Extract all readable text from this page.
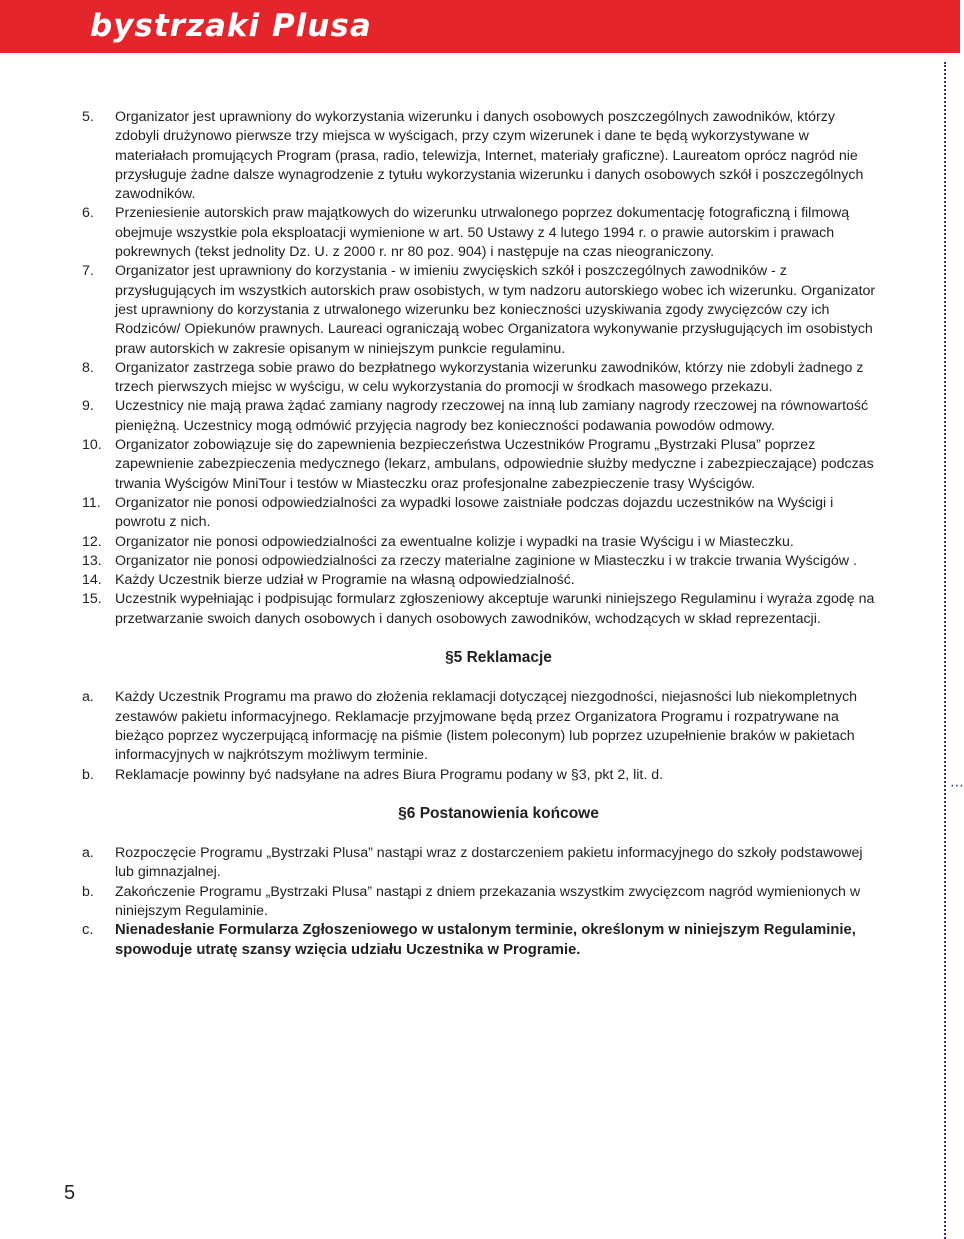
bystrzaki Plusa
⋯
5.	Organizator jest uprawniony do wykorzystania wizerunku i danych osobowych poszczególnych zawodników, którzy zdobyli drużynowo pierwsze trzy miejsca w wyścigach, przy czym wizerunek i dane te będą wykorzystywane w materiałach promujących Program (prasa, radio, telewizja, Internet, materiały graficzne). Laureatom oprócz nagród nie przysługuje żadne dalsze wynagrodzenie z tytułu wykorzystania wizerunku i danych osobowych szkół i poszczególnych zawodników.
6.	Przeniesienie autorskich praw majątkowych do wizerunku utrwalonego poprzez dokumentację fotograficzną i filmową obejmuje wszystkie pola eksploatacji wymienione w art. 50 Ustawy z 4 lutego 1994 r. o prawie autorskim i prawach pokrewnych (tekst jednolity Dz. U. z 2000 r. nr 80 poz. 904) i następuje na czas nieograniczony.
7.	Organizator jest uprawniony do korzystania - w imieniu zwycięskich szkół i poszczególnych zawodników - z przysługujących im wszystkich autorskich praw osobistych, w tym nadzoru autorskiego wobec ich wizerunku. Organizator jest uprawniony do korzystania z utrwalonego wizerunku bez konieczności uzyskiwania zgody zwycięzców czy ich Rodziców/ Opiekunów prawnych. Laureaci ograniczają wobec Organizatora wykonywanie przysługujących im osobistych praw autorskich w zakresie opisanym w niniejszym punkcie regulaminu.
8.	Organizator zastrzega sobie prawo do bezpłatnego wykorzystania wizerunku zawodników, którzy nie zdobyli żadnego z trzech pierwszych miejsc w wyścigu, w celu wykorzystania do promocji w środkach masowego przekazu.
9.	Uczestnicy nie mają prawa żądać zamiany nagrody rzeczowej na inną lub zamiany nagrody rzeczowej na równowartość pieniężną. Uczestnicy mogą odmówić przyjęcia nagrody bez konieczności podawania powodów odmowy.
10. Organizator zobowiązuje się do zapewnienia bezpieczeństwa Uczestników Programu „Bystrzaki Plusa” poprzez zapewnienie zabezpieczenia medycznego (lekarz, ambulans, odpowiednie służby medyczne i zabezpieczające) podczas trwania Wyścigów MiniTour i testów w Miasteczku oraz profesjonalne zabezpieczenie trasy Wyścigów.
11.	Organizator nie ponosi odpowiedzialności za wypadki losowe zaistniałe podczas dojazdu uczestników na Wyścigi i powrotu z nich.
12. Organizator nie ponosi odpowiedzialności za ewentualne kolizje i wypadki na trasie Wyścigu i w Miasteczku.
13. Organizator nie ponosi odpowiedzialności za rzeczy materialne zaginione w Miasteczku i w trakcie trwania Wyścigów .
14. Każdy Uczestnik bierze udział w Programie na własną odpowiedzialność.
15. Uczestnik wypełniając i podpisując formularz zgłoszeniowy akceptuje warunki niniejszego Regulaminu i wyraża zgodę na przetwarzanie swoich danych osobowych i danych osobowych zawodników, wchodzących w skład reprezentacji.
§5 Reklamacje
a.	Każdy Uczestnik Programu ma prawo do złożenia reklamacji dotyczącej niezgodności, niejasności lub niekompletnych zestawów pakietu informacyjnego. Reklamacje przyjmowane będą przez Organizatora Programu i rozpatrywane na bieżąco poprzez wyczerpującą informację na piśmie (listem poleconym) lub poprzez uzupełnienie braków w pakietach informacyjnych w najkrótszym możliwym terminie.
b.	Reklamacje powinny być nadsyłane na adres Biura Programu podany w §3, pkt 2, lit. d.
§6 Postanowienia końcowe
a.	Rozpoczęcie Programu „Bystrzaki Plusa” nastąpi wraz z dostarczeniem pakietu informacyjnego do szkoły podstawowej lub gimnazjalnej.
b.	Zakończenie Programu „Bystrzaki Plusa” nastąpi z dniem przekazania wszystkim zwycięzcom nagród wymienionych w niniejszym Regulaminie.
c.	Nienadesłanie Formularza Zgłoszeniowego w ustalonym terminie, określonym w niniejszym Regulaminie, spowoduje utratę szansy wzięcia udziału Uczestnika w Programie.
5
